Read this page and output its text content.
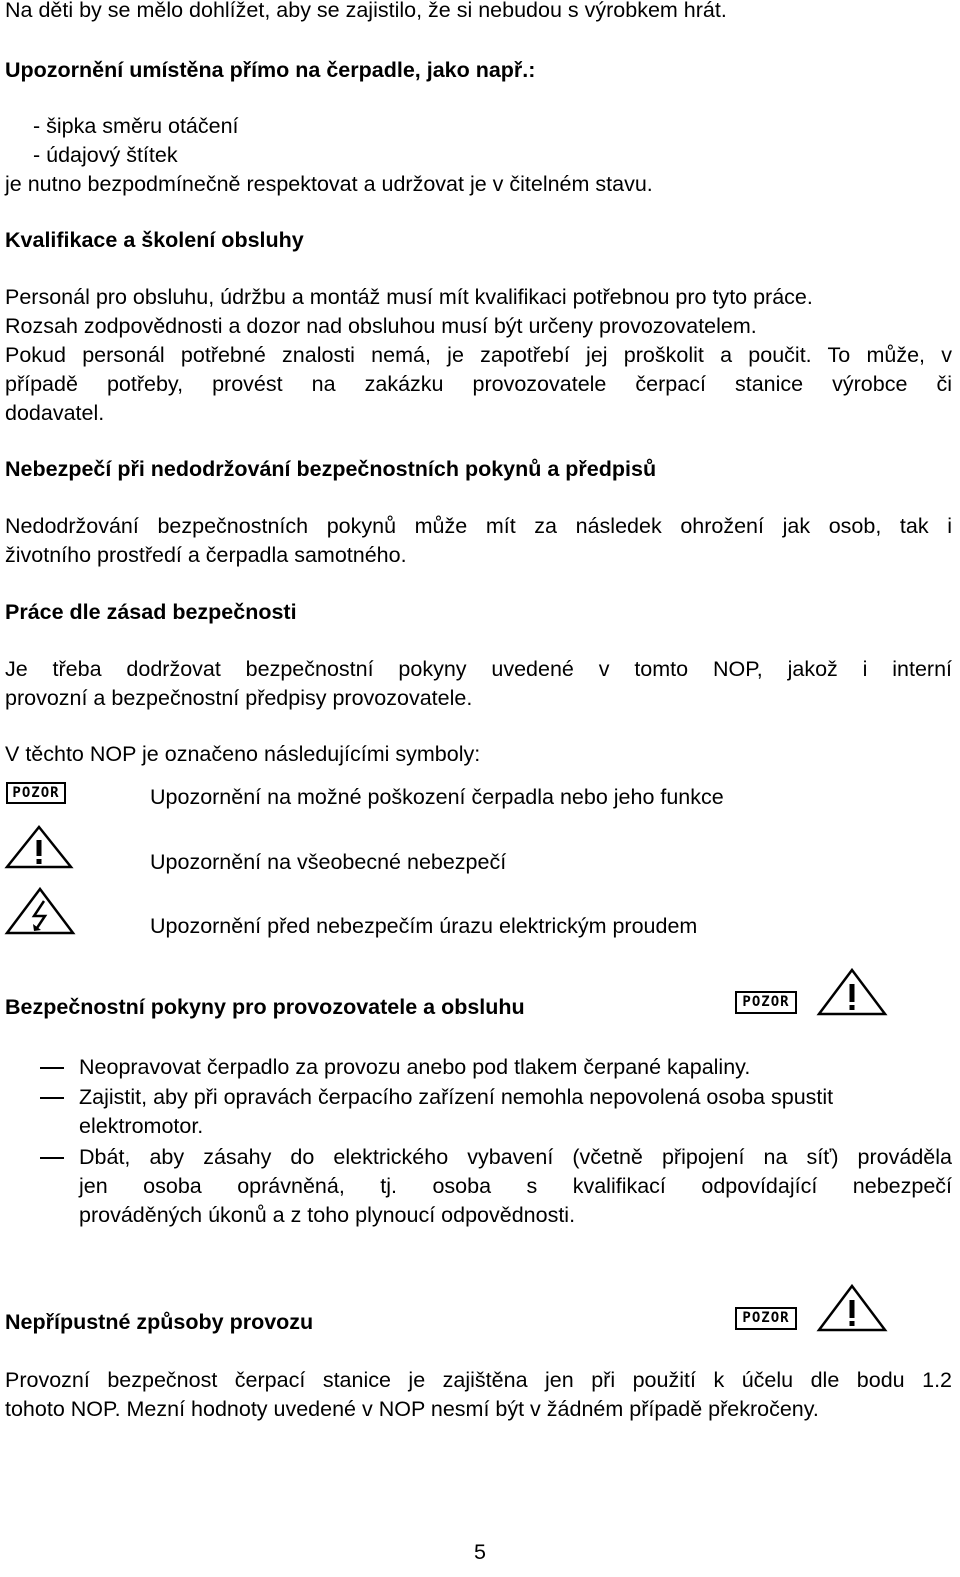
Na děti by se mělo dohlížet, aby se zajistilo, že si nebudou s výrobkem hrát.

Upozornění umístěna přímo na čerpadle, jako např.:

- šipka směru otáčení

- údajový štítek

je nutno bezpodmínečně respektovat a udržovat je v čitelném stavu.

Kvalifikace a školení obsluhy

Personál pro obsluhu, údržbu a montáž musí mít kvalifikaci potřebnou pro tyto práce.
Rozsah zodpovědnosti a dozor nad obsluhou musí být určeny provozovatelem.
Pokud personál potřebné znalosti nemá, je zapotřebí jej proškolit a poučit. To může, v
případě potřeby, provést na zakázku provozovatele čerpací stanice výrobce či
dodavatel.

Nebezpečí při nedodržování bezpečnostních pokynů a předpisů

Nedodržování bezpečnostních pokynů může mít za následek ohrožení jak osob, tak i
životního prostředí a čerpadla samotného.

Práce dle zásad bezpečnosti

Je třeba dodržovat bezpečnostní pokyny uvedené v tomto NOP, jakož i interní
provozní a bezpečnostní předpisy provozovatele.

V těchto NOP je označeno následujícími symboly:

POZOR	Upozornění na možné poškození čerpadla nebo jeho funkce

Upozornění na všeobecné nebezpečí

Upozornění před nebezpečím úrazu elektrickým proudem

Bezpečnostní pokyny pro provozovatele a obsluhu	POZOR
Neopravovat čerpadlo za provozu anebo pod tlakem čerpané kapaliny.
Zajistit, aby při opravách čerpacího zařízení nemohla nepovolená osoba spustit
elektromotor.
Dbát, aby zásahy do elektrického vybavení (včetně připojení na síť) prováděla
jen osoba oprávněná, tj. osoba s kvalifikací odpovídající nebezpečí
prováděných úkonů a z toho plynoucí odpovědnosti.

Nepřípustné způsoby provozu	POZOR
Provozní bezpečnost čerpací stanice je zajištěna jen při použití k účelu dle bodu 1.2
tohoto NOP. Mezní hodnoty uvedené v NOP nesmí být v žádném případě překročeny.
5
